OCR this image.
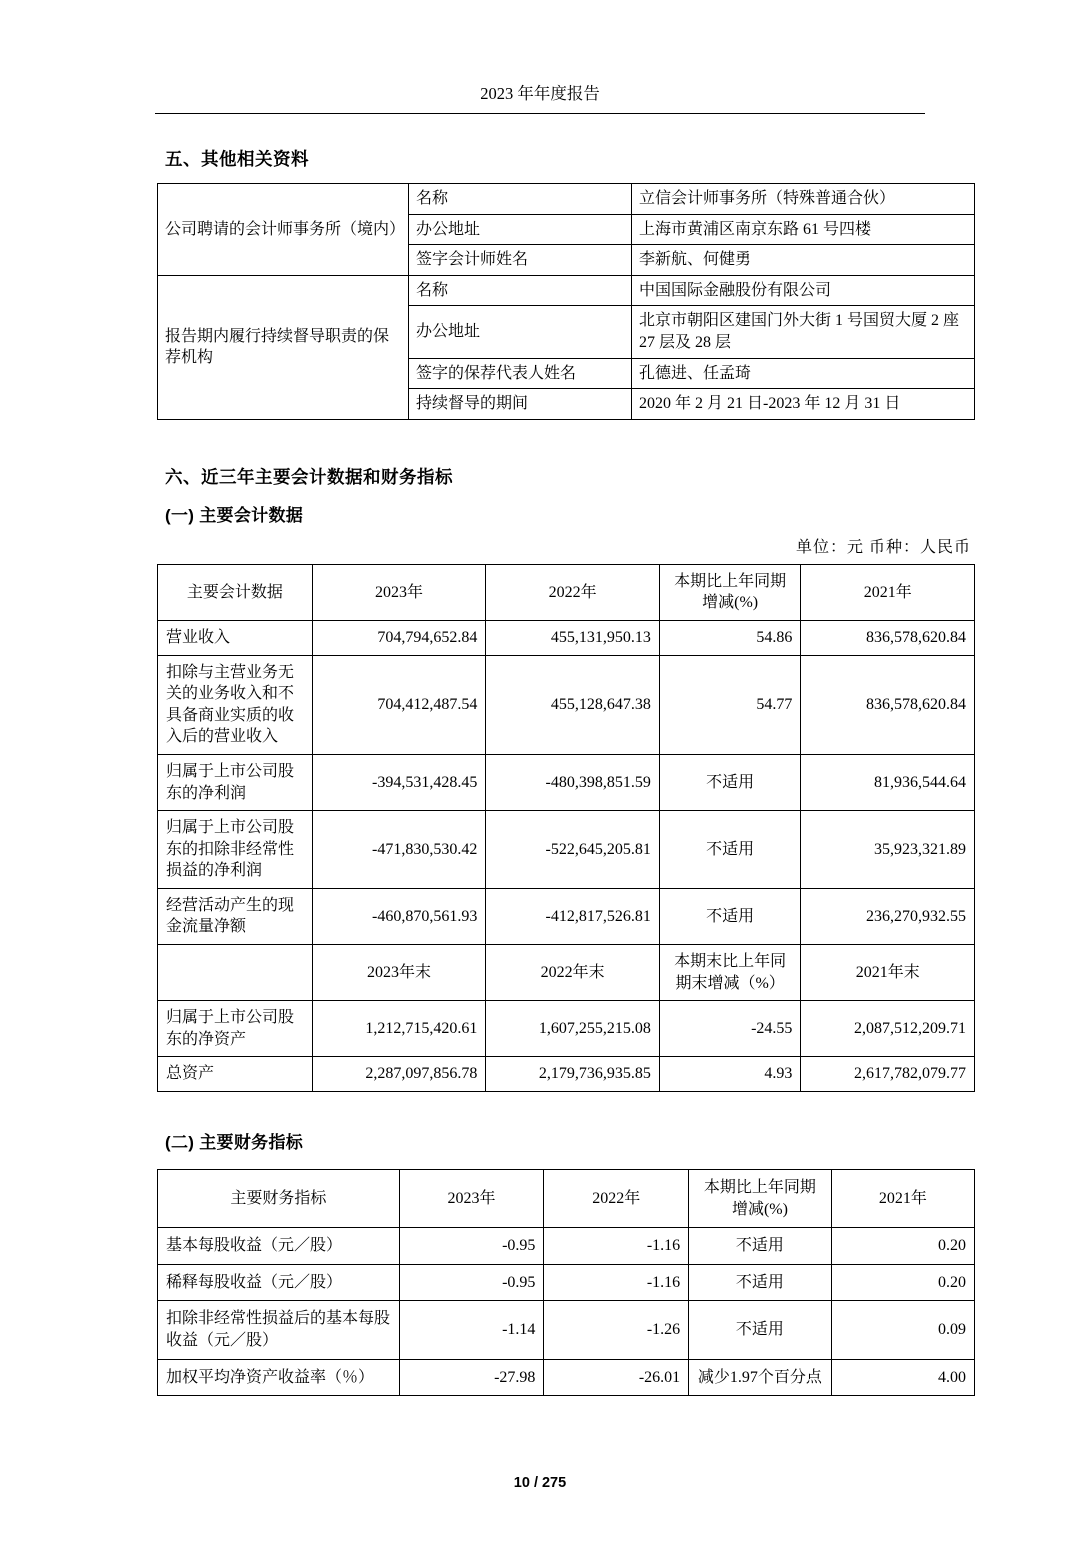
2023 年年度报告
五、其他相关资料
公司聘请的会计师事务所（境内）	名称	立信会计师事务所（特殊普通合伙）
	办公地址	上海市黄浦区南京东路 61 号四楼
	签字会计师姓名	李新航、何健勇
报告期内履行持续督导职责的保荐机构	名称	中国国际金融股份有限公司
	办公地址	北京市朝阳区建国门外大街 1 号国贸大厦 2 座 27 层及 28 层
	签字的保荐代表人姓名	孔德进、任孟琦
	持续督导的期间	2020 年 2 月 21 日-2023 年 12 月 31 日
六、近三年主要会计数据和财务指标
(一) 主要会计数据
单位：元 币种：人民币
主要会计数据	2023年	2022年	本期比上年同期增减(%)	2021年
营业收入	704,794,652.84	455,131,950.13	54.86	836,578,620.84
扣除与主营业务无关的业务收入和不具备商业实质的收入后的营业收入	704,412,487.54	455,128,647.38	54.77	836,578,620.84
归属于上市公司股东的净利润	-394,531,428.45	-480,398,851.59	不适用	81,936,544.64
归属于上市公司股东的扣除非经常性损益的净利润	-471,830,530.42	-522,645,205.81	不适用	35,923,321.89
经营活动产生的现金流量净额	-460,870,561.93	-412,817,526.81	不适用	236,270,932.55
	2023年末	2022年末	本期末比上年同期末增减（%）	2021年末
归属于上市公司股东的净资产	1,212,715,420.61	1,607,255,215.08	-24.55	2,087,512,209.71
总资产	2,287,097,856.78	2,179,736,935.85	4.93	2,617,782,079.77
(二) 主要财务指标
主要财务指标	2023年	2022年	本期比上年同期增减(%)	2021年
基本每股收益（元／股）	-0.95	-1.16	不适用	0.20
稀释每股收益（元／股）	-0.95	-1.16	不适用	0.20
扣除非经常性损益后的基本每股收益（元／股）	-1.14	-1.26	不适用	0.09
加权平均净资产收益率（％）	-27.98	-26.01	减少1.97个百分点	4.00
10 / 275
